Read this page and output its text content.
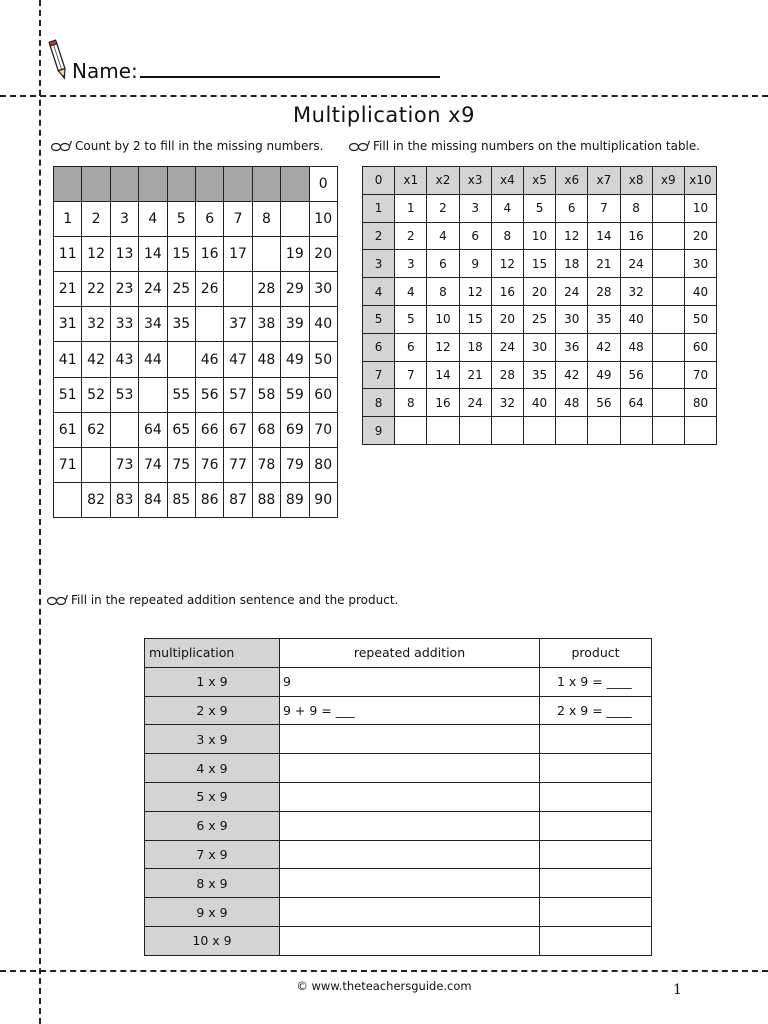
Name:
Multiplication x9
Count by 2 to fill in the missing numbers.	Fill in the missing numbers on the multiplication table.
									0
1	2	3	4	5	6	7	8		10
11	12	13	14	15	16	17		19	20
21	22	23	24	25	26		28	29	30
31	32	33	34	35		37	38	39	40
41	42	43	44		46	47	48	49	50
51	52	53		55	56	57	58	59	60
61	62		64	65	66	67	68	69	70
71		73	74	75	76	77	78	79	80
	82	83	84	85	86	87	88	89	90
0	x1	x2	x3	x4	x5	x6	x7	x8	x9	x10
1	1	2	3	4	5	6	7	8		10
2	2	4	6	8	10	12	14	16		20
3	3	6	9	12	15	18	21	24		30
4	4	8	12	16	20	24	28	32		40
5	5	10	15	20	25	30	35	40		50
6	6	12	18	24	30	36	42	48		60
7	7	14	21	28	35	42	49	56		70
8	8	16	24	32	40	48	56	64		80
9										
Fill in the repeated addition sentence and the product.
multiplication	repeated addition	product
1 x 9	9	1 x 9 = ____
2 x 9	9 + 9 = ___	2 x 9 = ____
3 x 9		
4 x 9		
5 x 9		
6 x 9		
7 x 9		
8 x 9		
9 x 9		
10 x 9		
© www.theteachersguide.com	1
